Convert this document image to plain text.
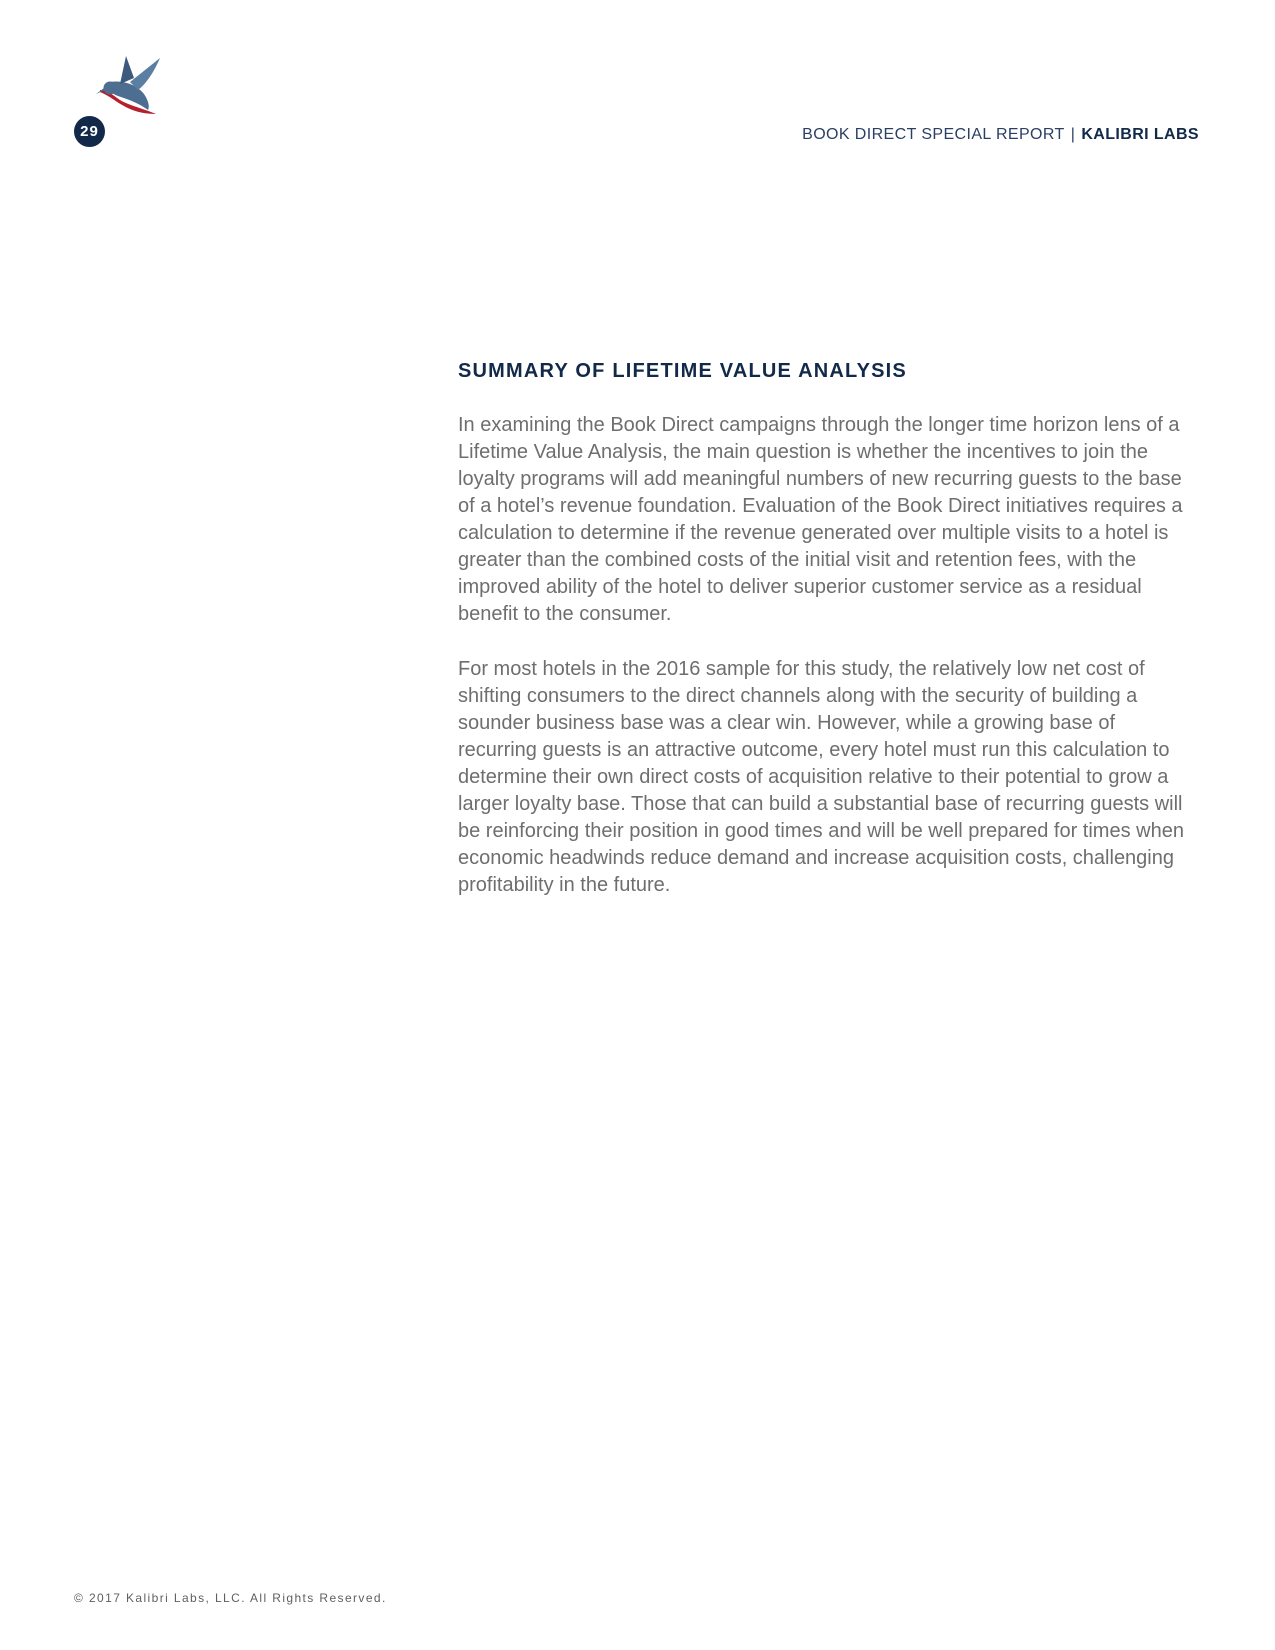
29	BOOK DIRECT SPECIAL REPORT | KALIBRI LABS
SUMMARY OF LIFETIME VALUE ANALYSIS

In examining the Book Direct campaigns through the longer time horizon lens of a Lifetime Value Analysis, the main question is whether the incentives to join the loyalty programs will add meaningful numbers of new recurring guests to the base of a hotel’s revenue foundation. Evaluation of the Book Direct initiatives requires a calculation to determine if the revenue generated over multiple visits to a hotel is greater than the combined costs of the initial visit and retention fees, with the improved ability of the hotel to deliver superior customer service as a residual benefit to the consumer.

For most hotels in the 2016 sample for this study, the relatively low net cost of shifting consumers to the direct channels along with the security of building a sounder business base was a clear win. However, while a growing base of recurring guests is an attractive outcome, every hotel must run this calculation to determine their own direct costs of acquisition relative to their potential to grow a larger loyalty base. Those that can build a substantial base of recurring guests will be reinforcing their position in good times and will be well prepared for times when economic headwinds reduce demand and increase acquisition costs, challenging profitability in the future.

© 2017 Kalibri Labs, LLC. All Rights Reserved.
